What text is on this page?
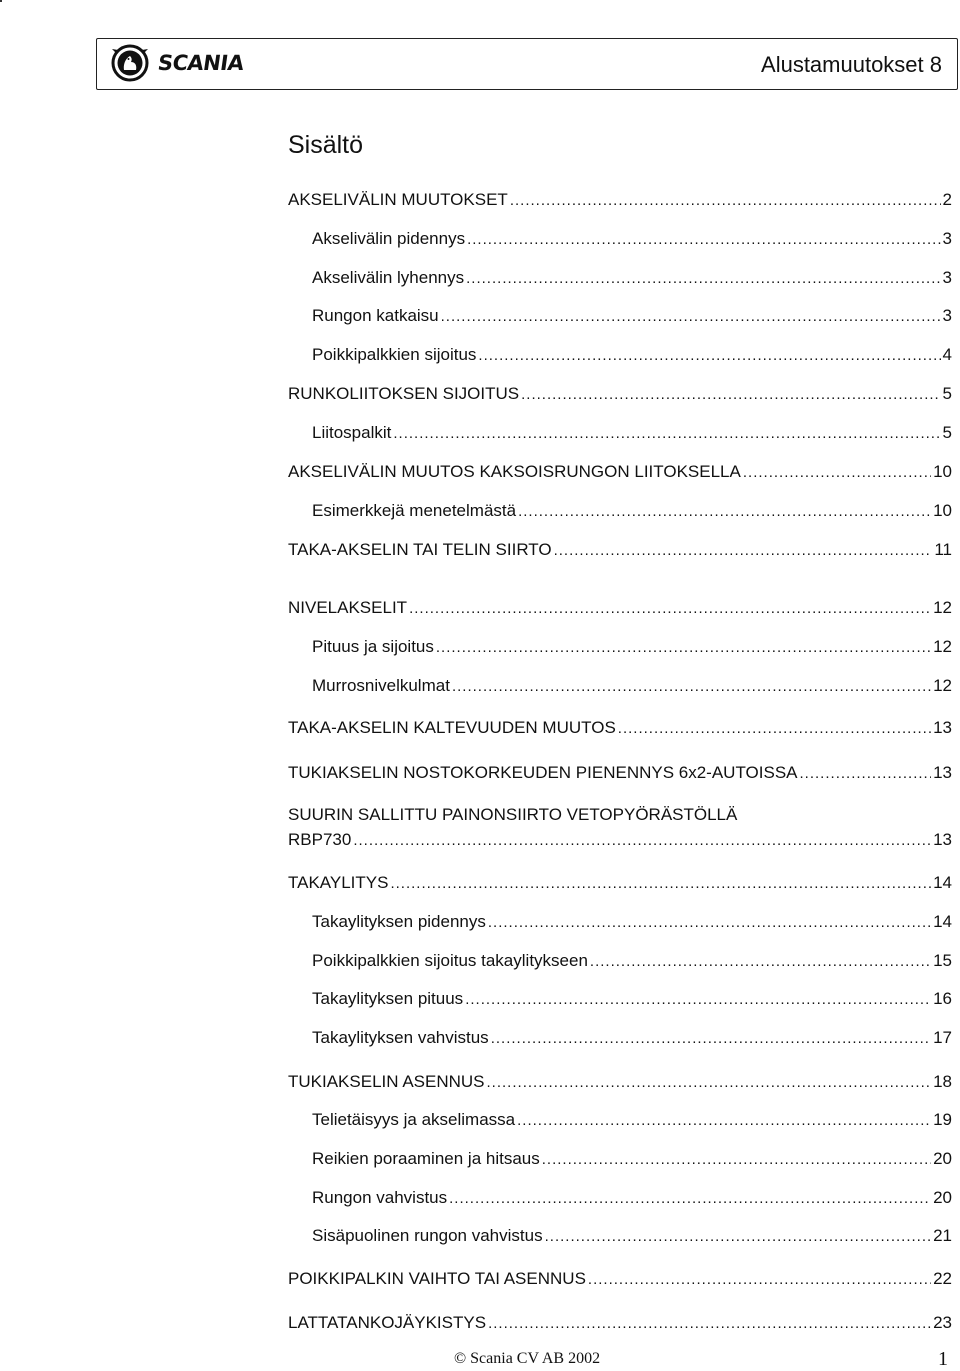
SCANIA	Alustamuutokset 8
Sisältö
AKSELIVÄLIN MUUTOKSET .....	2
Akselivälin pidennys .....	3
Akselivälin lyhennys .....	3
Rungon katkaisu .....	3
Poikkipalkkien sijoitus .....	4
RUNKOLIITOKSEN SIJOITUS .....	5
Liitospalkit .....	5
AKSELIVÄLIN MUUTOS KAKSOISRUNGON LIITOKSELLA .....	10
Esimerkkejä menetelmästä .....	10
TAKA-AKSELIN TAI TELIN SIIRTO .....	11
NIVELAKSELIT .....	12
Pituus ja sijoitus .....	12
Murrosnivelkulmat .....	12
TAKA-AKSELIN KALTEVUUDEN MUUTOS .....	13
TUKIAKSELIN NOSTOKORKEUDEN PIENENNYS 6x2-AUTOISSA .....	13
SUURIN SALLITTU PAINONSIIRTO VETOPYÖRÄSTÖLLÄ
RBP730 .....	13
TAKAYLITYS .....	14
Takaylityksen pidennys .....	14
Poikkipalkkien sijoitus takaylitykseen .....	15
Takaylityksen pituus .....	16
Takaylityksen vahvistus .....	17
TUKIAKSELIN ASENNUS .....	18
Telietäisyys ja akselimassa .....	19
Reikien poraaminen ja hitsaus .....	20
Rungon vahvistus .....	20
Sisäpuolinen rungon vahvistus .....	21
POIKKIPALKIN VAIHTO TAI ASENNUS .....	22
LATTATANKOJÄYKISTYS .....	23
© Scania CV AB 2002	1
